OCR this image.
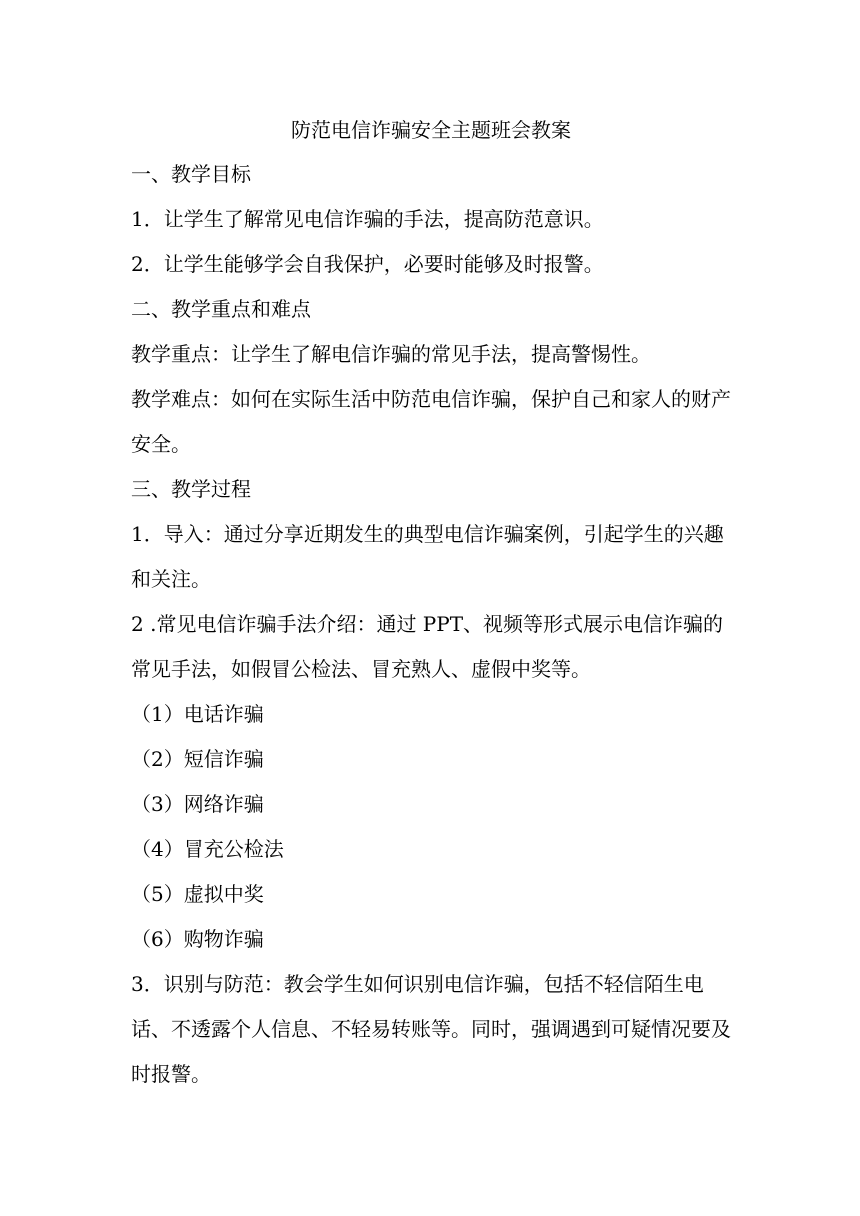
防范电信诈骗安全主题班会教案

一、教学目标

1．让学生了解常见电信诈骗的手法，提高防范意识。

2．让学生能够学会自我保护，必要时能够及时报警。

二、教学重点和难点

教学重点：让学生了解电信诈骗的常见手法，提高警惕性。

教学难点：如何在实际生活中防范电信诈骗，保护自己和家人的财产安全。

三、教学过程

1．导入：通过分享近期发生的典型电信诈骗案例，引起学生的兴趣和关注。

2 .常见电信诈骗手法介绍：通过 PPT、视频等形式展示电信诈骗的常见手法，如假冒公检法、冒充熟人、虚假中奖等。

（1）电话诈骗

（2）短信诈骗

（3）网络诈骗

（4）冒充公检法

（5）虚拟中奖

（6）购物诈骗

3．识别与防范：教会学生如何识别电信诈骗，包括不轻信陌生电话、不透露个人信息、不轻易转账等。同时，强调遇到可疑情况要及时报警。
